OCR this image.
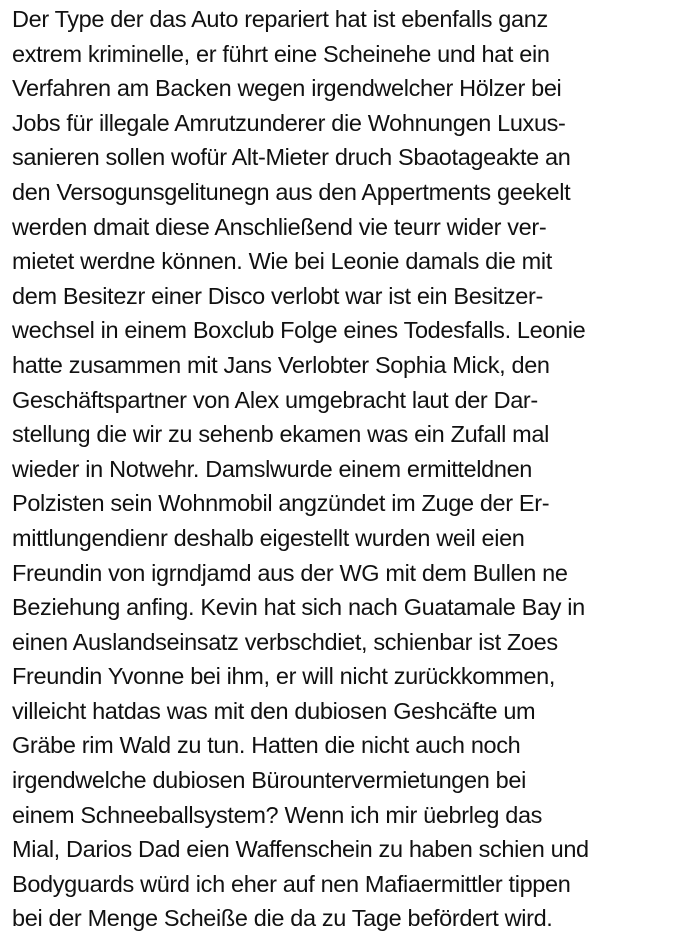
Der Type der das Auto repariert hat ist ebenfalls ganz
extrem kriminelle, er führt eine Scheinehe und hat ein
Verfahren am Backen wegen irgendwelcher Hölzer bei
Jobs für illegale Amrutzunderer die Wohnungen Luxus-
sanieren sollen wofür Alt-Mieter druch Sbaotageakte an
den Versogunsgelitunegn aus den Appertments geekelt
werden dmait diese Anschließend vie teurr wider ver-
mietet werdne können. Wie bei Leonie damals die mit
dem Besitezr einer Disco verlobt war ist ein Besitzer-
wechsel in einem Boxclub Folge eines Todesfalls. Leonie
hatte zusammen mit Jans Verlobter Sophia Mick, den
Geschäftspartner von Alex umgebracht laut der Dar-
stellung die wir zu sehenb ekamen was ein Zufall mal
wieder in Notwehr. Damslwurde einem ermitteldnen
Polzisten sein Wohnmobil angzündet im Zuge der Er-
mittlungendienr deshalb eigestellt wurden weil eien
Freundin von igrndjamd aus der WG mit dem Bullen ne
Beziehung anfing. Kevin hat sich nach Guatamale Bay in
einen Auslandseinsatz verbschdiet, schienbar ist Zoes
Freundin Yvonne bei ihm, er will nicht zurückkommen,
villeicht hatdas was mit den dubiosen Geshcäfte um
Gräbe rim Wald zu tun. Hatten die nicht auch noch
irgendwelche dubiosen Bürountervermietungen bei
einem Schneeballsystem? Wenn ich mir üebrleg das
Mial, Darios Dad eien Waffenschein zu haben schien und
Bodyguards würd ich eher auf nen Mafiaermittler tippen
bei der Menge Scheiße die da zu Tage befördert wird.
